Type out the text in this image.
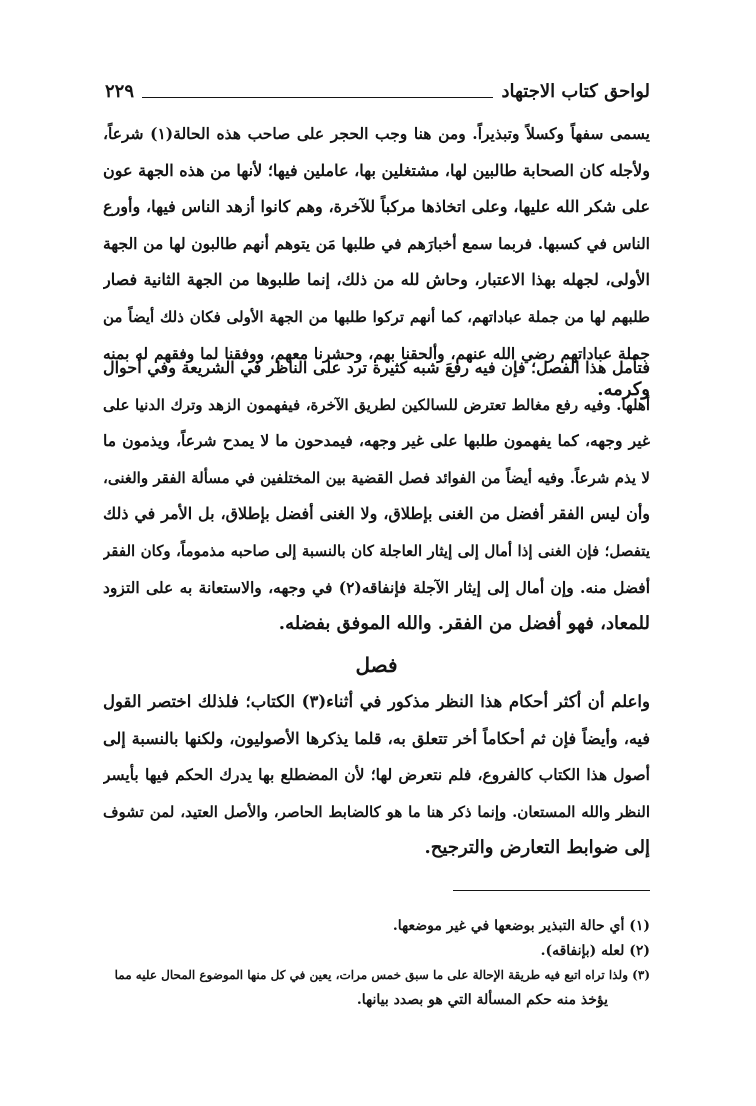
لواحق كتاب الاجتهاد
٢٢٩
يسمى سفهاً وكسلاً وتبذيراً. ومن هنا وجب الحجر على صاحب هذه الحالة(١) شرعاً،
ولأجله كان الصحابة طالبين لها، مشتغلين بها، عاملين فيها؛ لأنها من هذه الجهة عون
على شكر الله عليها، وعلى اتخاذها مركباً للآخرة، وهم كانوا أزهد الناس فيها، وأورع
الناس في كسبها. فربما سمع أخبارَهم في طلبها مَن يتوهم أنهم طالبون لها من الجهة
الأولى، لجهله بهذا الاعتبار، وحاش لله من ذلك، إنما طلبوها من الجهة الثانية فصار
طلبهم لها من جملة عباداتهم، كما أنهم تركوا طلبها من الجهة الأولى فكان ذلك أيضاً من
جملة عباداتهم رضي الله عنهم، وألحقنا بهم، وحشرنا معهم، ووفقنا لما وفقهم له بمنه
وكرمه.
فتأمل هذا الفصل؛ فإن فيه رفعَ شبه كثيرة ترد على الناظر في الشريعة وفي أحوال
أهلها. وفيه رفع مغالط تعترض للسالكين لطريق الآخرة، فيفهمون الزهد وترك الدنيا على
غير وجهه، كما يفهمون طلبها على غير وجهه، فيمدحون ما لا يمدح شرعاً، ويذمون ما
لا يذم شرعاً. وفيه أيضاً من الفوائد فصل القضية بين المختلفين في مسألة الفقر والغنى،
وأن ليس الفقر أفضل من الغنى بإطلاق، ولا الغنى أفضل بإطلاق، بل الأمر في ذلك
يتفصل؛ فإن الغنى إذا أمال إلى إيثار العاجلة كان بالنسبة إلى صاحبه مذموماً، وكان الفقر
أفضل منه. وإن أمال إلى إيثار الآجلة فإنفاقه(٢) في وجهه، والاستعانة به على التزود
للمعاد، فهو أفضل من الفقر. والله الموفق بفضله.
فصل
واعلم أن أكثر أحكام هذا النظر مذكور في أثناء(٣) الكتاب؛ فلذلك اختصر القول
فيه، وأيضاً فإن ثم أحكاماً أخر تتعلق به، قلما يذكرها الأصوليون، ولكنها بالنسبة إلى
أصول هذا الكتاب كالفروع، فلم نتعرض لها؛ لأن المضطلع بها يدرك الحكم فيها بأيسر
النظر والله المستعان. وإنما ذكر هنا ما هو كالضابط الحاصر، والأصل العتيد، لمن تشوف
إلى ضوابط التعارض والترجيح.
(١) أي حالة التبذير بوضعها في غير موضعها.
(٢) لعله (بإنفاقه).
(٣) ولذا تراه اتبع فيه طريقة الإحالة على ما سبق خمس مرات، يعين في كل منها الموضوع المحال عليه مما
يؤخذ منه حكم المسألة التي هو بصدد بيانها.
